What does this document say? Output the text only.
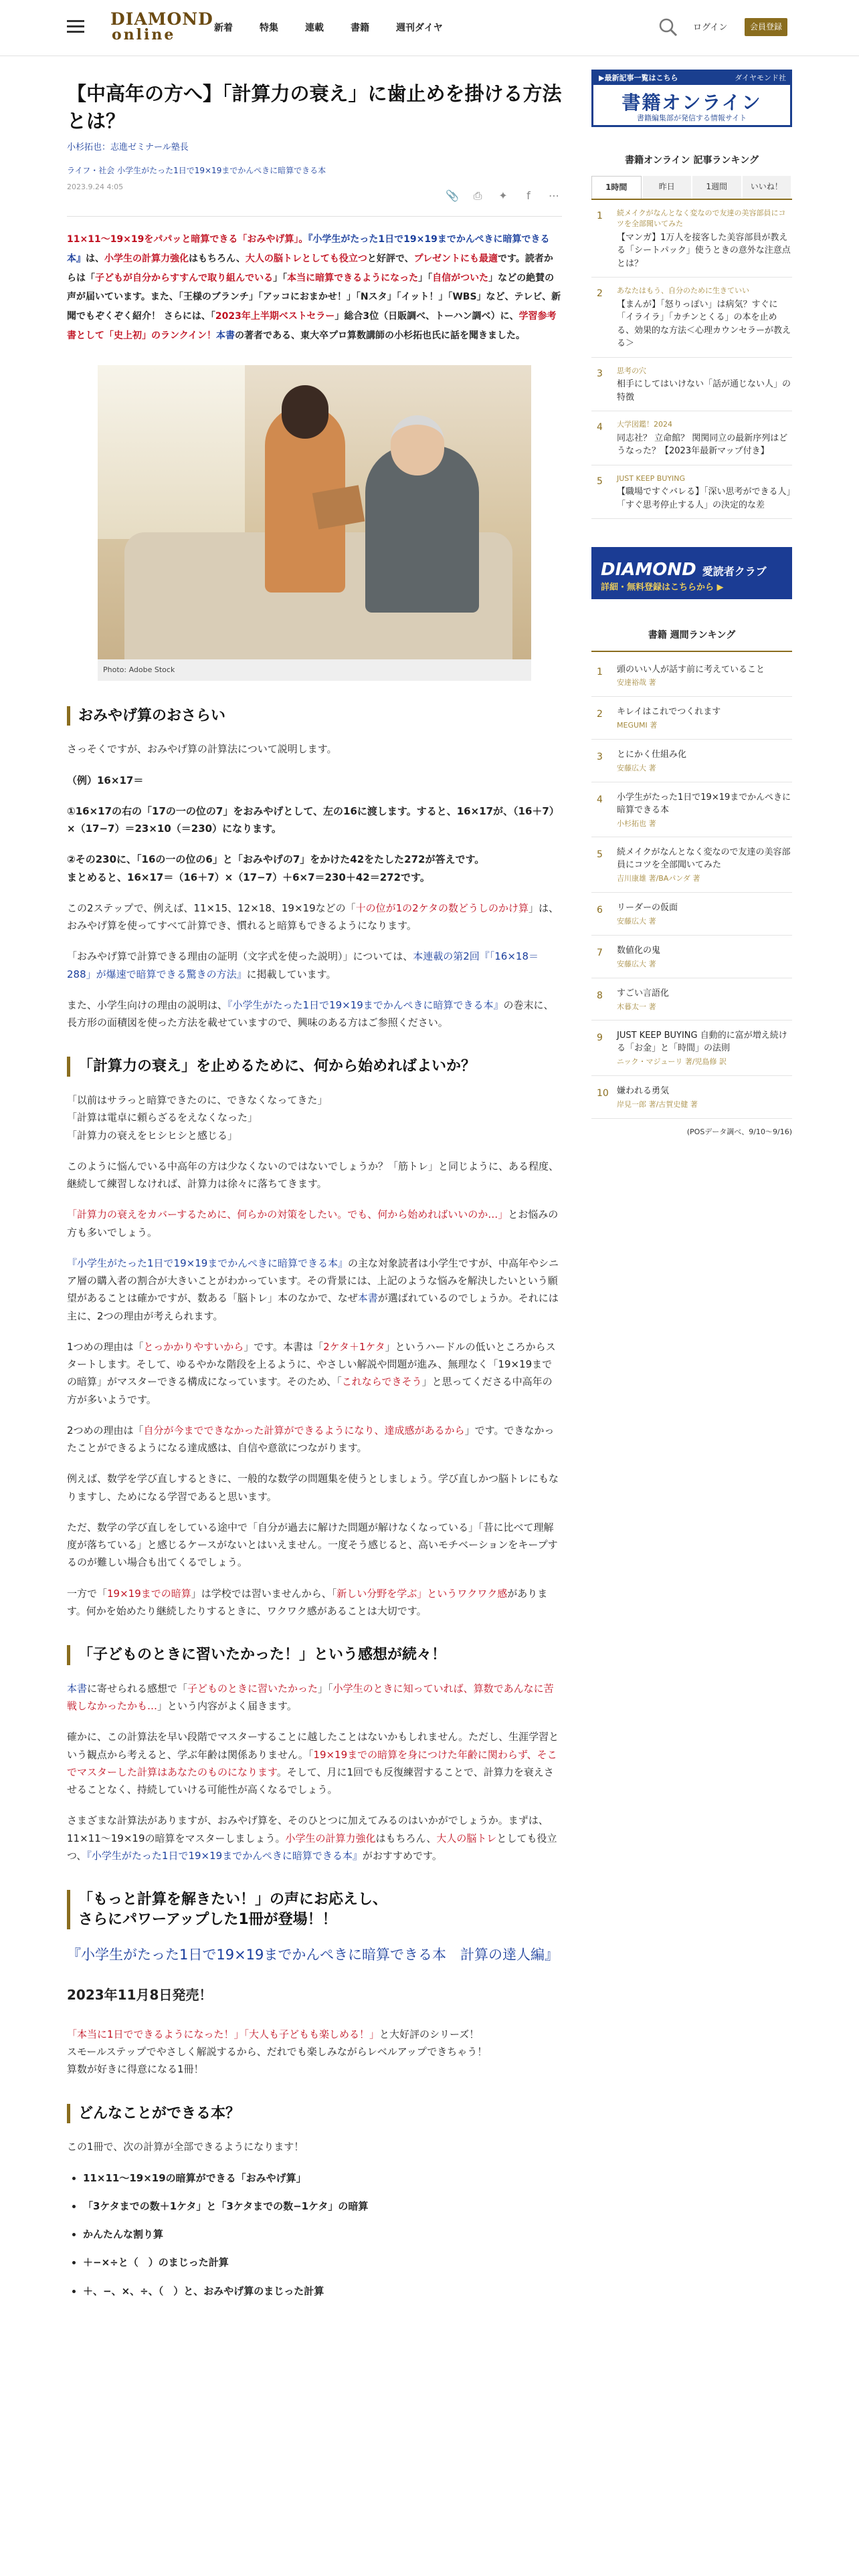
DIAMOND
online	新着	特集	連載	書籍	週刊ダイヤ	ログイン	会員登録
【中高年の方へ】「計算力の衰え」に歯止めを掛ける方法とは？
小杉拓也：志進ゼミナール塾長
ライフ・社会 小学生がたった1日で19×19までかんぺきに暗算できる本
2023.9.24 4:05
📎	⎙	✦	f	⋯

11×11〜19×19をパパッと暗算できる「おみやげ算」。『小学生がたった1日で19×19までかんぺきに暗算できる本』は、小学生の計算力強化はもちろん、大人の脳トレとしても役立つと好評で、プレゼントにも最適です。読者からは「子どもが自分からすすんで取り組んでいる」「本当に暗算できるようになった」「自信がついた」などの絶賛の声が届いています。また、「王様のブランチ」「アッコにおまかせ！」「Nスタ」「イット！」「WBS」など、テレビ、新聞でもぞくぞく紹介！ さらには、「2023年上半期ベストセラー」総合3位（日販調べ、トーハン調べ）に、学習参考書として「史上初」のランクイン！本書の著者である、東大卒プロ算数講師の小杉拓也氏に話を聞きました。

Photo: Adobe Stock
おみやげ算のおさらい

さっそくですが、おみやげ算の計算法について説明します。

（例）16×17＝

①16×17の右の「17の一の位の7」をおみやげとして、左の16に渡します。すると、16×17が、（16＋7）×（17−7）＝23×10（＝230）になります。

②その230に、「16の一の位の6」と「おみやげの7」をかけた42をたした272が答えです。
まとめると、16×17＝（16＋7）×（17−7）＋6×7＝230＋42＝272です。

この2ステップで、例えば、11×15、12×18、19×19などの「十の位が1の2ケタの数どうしのかけ算」は、おみやげ算を使ってすべて計算でき、慣れると暗算もできるようになります。

「おみやげ算で計算できる理由の証明（文字式を使った説明）」については、本連載の第2回『「16×18＝288」が爆速で暗算できる驚きの方法』に掲載しています。

また、小学生向けの理由の説明は、『小学生がたった1日で19×19までかんぺきに暗算できる本』の巻末に、長方形の面積図を使った方法を載せていますので、興味のある方はご参照ください。

「計算力の衰え」を止めるために、何から始めればよいか？

「以前はサラっと暗算できたのに、できなくなってきた」
「計算は電卓に頼らざるをえなくなった」
「計算力の衰えをヒシヒシと感じる」

このように悩んでいる中高年の方は少なくないのではないでしょうか？「筋トレ」と同じように、ある程度、継続して練習しなければ、計算力は徐々に落ちてきます。

「計算力の衰えをカバーするために、何らかの対策をしたい。でも、何から始めればいいのか…」とお悩みの方も多いでしょう。

『小学生がたった1日で19×19までかんぺきに暗算できる本』の主な対象読者は小学生ですが、中高年やシニア層の購入者の割合が大きいことがわかっています。その背景には、上記のような悩みを解決したいという願望があることは確かですが、数ある「脳トレ」本のなかで、なぜ本書が選ばれているのでしょうか。それには主に、2つの理由が考えられます。

1つめの理由は「とっかかりやすいから」です。本書は「2ケタ＋1ケタ」というハードルの低いところからスタートします。そして、ゆるやかな階段を上るように、やさしい解説や問題が進み、無理なく「19×19までの暗算」がマスターできる構成になっています。そのため、「これならできそう」と思ってくださる中高年の方が多いようです。

2つめの理由は「自分が今までできなかった計算ができるようになり、達成感があるから」です。できなかったことができるようになる達成感は、自信や意欲につながります。

例えば、数学を学び直しするときに、一般的な数学の問題集を使うとしましょう。学び直しかつ脳トレにもなりますし、ためになる学習であると思います。

ただ、数学の学び直しをしている途中で「自分が過去に解けた問題が解けなくなっている」「昔に比べて理解度が落ちている」と感じるケースがないとはいえません。一度そう感じると、高いモチベーションをキープするのが難しい場合も出てくるでしょう。

一方で「19×19までの暗算」は学校では習いませんから、「新しい分野を学ぶ」というワクワク感があります。何かを始めたり継続したりするときに、ワクワク感があることは大切です。

「子どものときに習いたかった！」という感想が続々！

本書に寄せられる感想で「子どものときに習いたかった」「小学生のときに知っていれば、算数であんなに苦戦しなかったかも…」という内容がよく届きます。

確かに、この計算法を早い段階でマスターすることに越したことはないかもしれません。ただし、生涯学習という観点から考えると、学ぶ年齢は関係ありません。「19×19までの暗算を身につけた年齢に関わらず、そこでマスターした計算はあなたのものになります。そして、月に1回でも反復練習することで、計算力を衰えさせることなく、持続していける可能性が高くなるでしょう。

さまざまな計算法がありますが、おみやげ算を、そのひとつに加えてみるのはいかがでしょうか。まずは、11×11〜19×19の暗算をマスターしましょう。小学生の計算力強化はもちろん、大人の脳トレとしても役立つ、『小学生がたった1日で19×19までかんぺきに暗算できる本』がおすすめです。

「もっと計算を解きたい！」の声にお応えし、
さらにパワーアップした1冊が登場！！
『小学生がたった1日で19×19までかんぺきに暗算できる本　計算の達人編』
2023年11月8日発売！

「本当に1日でできるようになった！」「大人も子どもも楽しめる！」と大好評のシリーズ！
スモールステップでやさしく解説するから、だれでも楽しみながらレベルアップできちゃう！
算数が好きに得意になる1冊！

どんなことができる本？

この1冊で、次の計算が全部できるようになります！

• 11×11〜19×19の暗算ができる「おみやげ算」
• 「3ケタまでの数＋1ケタ」と「3ケタまでの数−1ケタ」の暗算
• かんたんな割り算
• ＋−×÷と（　）のまじった計算
• ＋、−、×、÷、（　）と、おみやげ算のまじった計算
ダイヤモンド社
▶最新記事一覧はこちら
書籍オンライン
書籍編集部が発信する情報サイト
書籍オンライン 記事ランキング
1時間	昨日	1週間	いいね！
1	続メイクがなんとなく変なので友達の美容部員にコツを全部聞いてみた
【マンガ】1万人を接客した美容部員が教える「シートパック」使うときの意外な注意点とは？
2	あなたはもう、自分のために生きていい
【まんが】「怒りっぽい」は病気？すぐに「イライラ」「カチンとくる」の本を止める、効果的な方法＜心理カウンセラーが教える＞
3	思考の穴
相手にしてはいけない「話が通じない人」の特徴
4	大学図鑑！2024
同志社？ 立命館？ 関関同立の最新序列はどうなった？【2023年最新マップ付き】
5	JUST KEEP BUYING
【職場ですぐバレる】「深い思考ができる人」「すぐ思考停止する人」の決定的な差
DIAMOND 愛読者クラブ
詳細・無料登録はこちらから ▶
書籍 週間ランキング
1	頭のいい人が話す前に考えていること
安達裕哉 著
2	キレイはこれでつくれます
MEGUMI 著
3	とにかく仕組み化
安藤広大 著
4	小学生がたった1日で19×19までかんぺきに暗算できる本
小杉拓也 著
5	続メイクがなんとなく変なので友達の美容部員にコツを全部聞いてみた
吉川康雄 著/BAパンダ 著
6	リーダーの仮面
安藤広大 著
7	数値化の鬼
安藤広大 著
8	すごい言語化
木暮太一 著
9	JUST KEEP BUYING 自動的に富が増え続ける「お金」と「時間」の法則
ニック・マジューリ 著/児島修 訳
10 嫌われる勇気
岸見一郎 著/古賀史健 著
(POSデータ調べ、9/10〜9/16)
